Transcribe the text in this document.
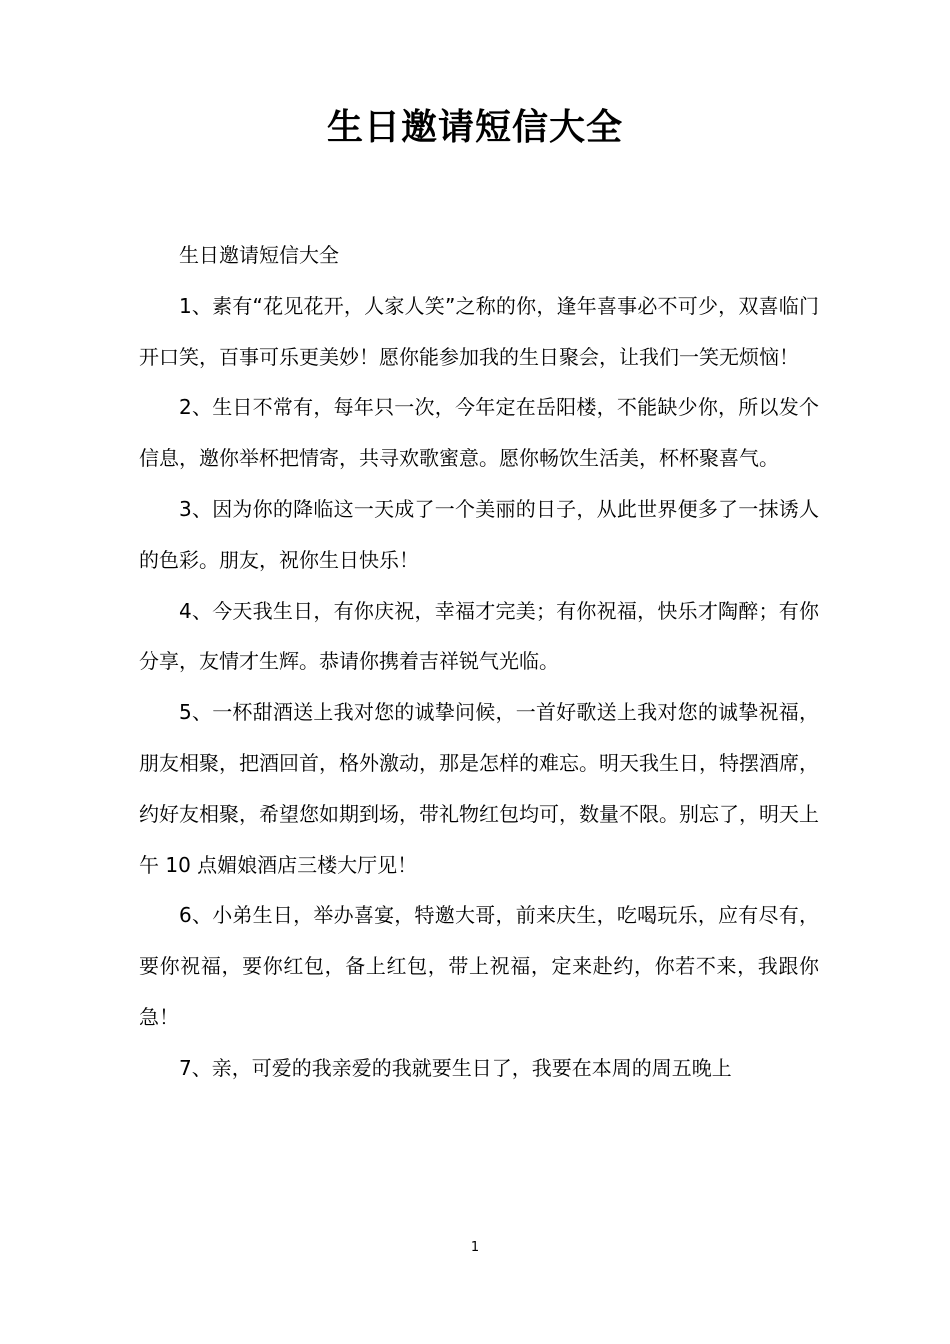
生日邀请短信大全

生日邀请短信大全

1、素有“花见花开，人家人笑”之称的你，逢年喜事必不可少，双喜临门开口笑，百事可乐更美妙！愿你能参加我的生日聚会，让我们一笑无烦恼！

2、生日不常有，每年只一次，今年定在岳阳楼，不能缺少你，所以发个信息，邀你举杯把情寄，共寻欢歌蜜意。愿你畅饮生活美，杯杯聚喜气。

3、因为你的降临这一天成了一个美丽的日子，从此世界便多了一抹诱人的色彩。朋友，祝你生日快乐！

4、今天我生日，有你庆祝，幸福才完美；有你祝福，快乐才陶醉；有你分享，友情才生辉。恭请你携着吉祥锐气光临。

5、一杯甜酒送上我对您的诚挚问候，一首好歌送上我对您的诚挚祝福，朋友相聚，把酒回首，格外激动，那是怎样的难忘。明天我生日，特摆酒席，约好友相聚，希望您如期到场，带礼物红包均可，数量不限。别忘了，明天上午 10 点媚娘酒店三楼大厅见！

6、小弟生日，举办喜宴，特邀大哥，前来庆生，吃喝玩乐，应有尽有，要你祝福，要你红包，备上红包，带上祝福，定来赴约，你若不来，我跟你急！

7、亲，可爱的我亲爱的我就要生日了，我要在本周的周五晚上

1
